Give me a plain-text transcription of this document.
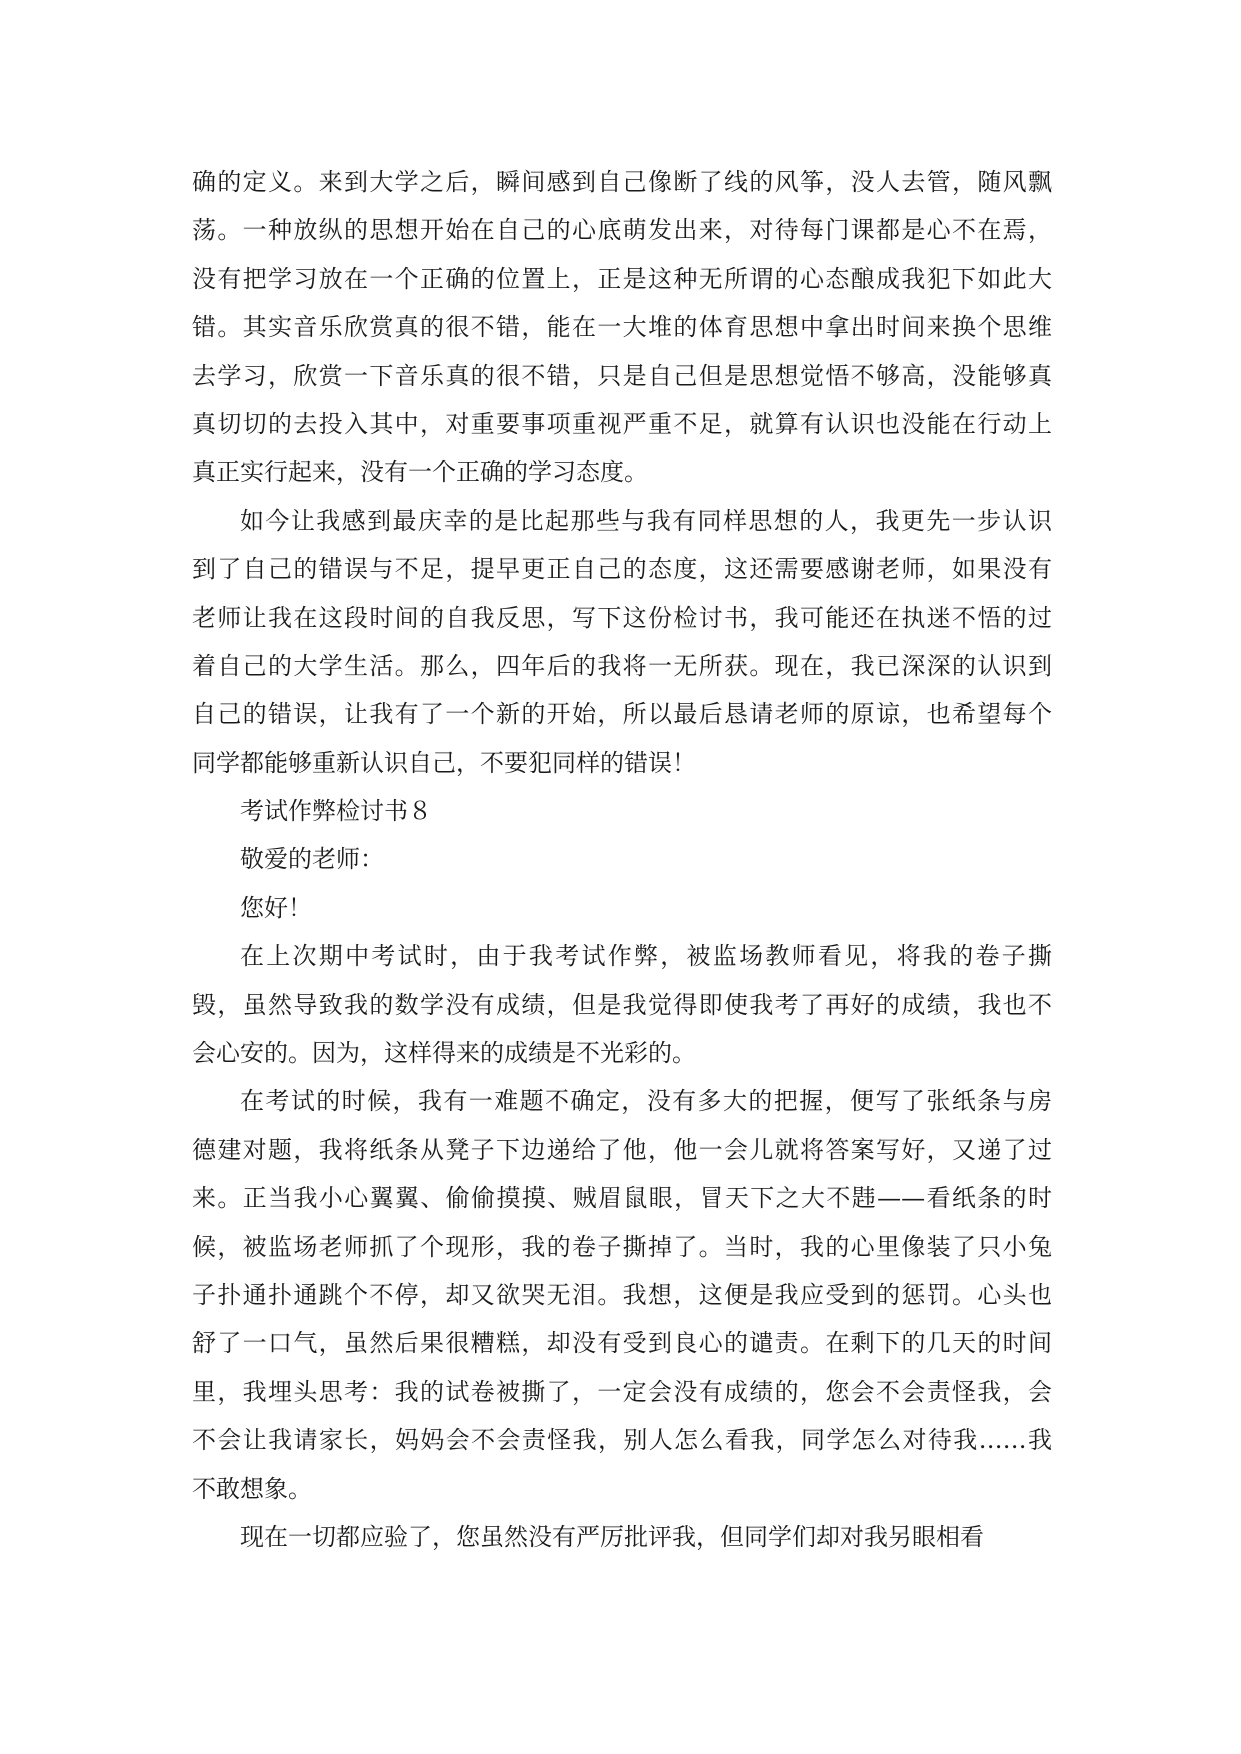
确的定义。来到大学之后，瞬间感到自己像断了线的风筝，没人去管，随风飘
荡。一种放纵的思想开始在自己的心底萌发出来，对待每门课都是心不在焉，
没有把学习放在一个正确的位置上，正是这种无所谓的心态酿成我犯下如此大
错。其实音乐欣赏真的很不错，能在一大堆的体育思想中拿出时间来换个思维
去学习，欣赏一下音乐真的很不错，只是自己但是思想觉悟不够高，没能够真
真切切的去投入其中，对重要事项重视严重不足，就算有认识也没能在行动上
真正实行起来，没有一个正确的学习态度。
如今让我感到最庆幸的是比起那些与我有同样思想的人，我更先一步认识
到了自己的错误与不足，提早更正自己的态度，这还需要感谢老师，如果没有
老师让我在这段时间的自我反思，写下这份检讨书，我可能还在执迷不悟的过
着自己的大学生活。那么，四年后的我将一无所获。现在，我已深深的认识到
自己的错误，让我有了一个新的开始，所以最后恳请老师的原谅，也希望每个
同学都能够重新认识自己，不要犯同样的错误！
考试作弊检讨书８
敬爱的老师：
您好！
在上次期中考试时，由于我考试作弊，被监场教师看见，将我的卷子撕
毁，虽然导致我的数学没有成绩，但是我觉得即使我考了再好的成绩，我也不
会心安的。因为，这样得来的成绩是不光彩的。
在考试的时候，我有一难题不确定，没有多大的把握，便写了张纸条与房
德建对题，我将纸条从凳子下边递给了他，他一会儿就将答案写好，又递了过
来。正当我小心翼翼、偷偷摸摸、贼眉鼠眼，冒天下之大不韪——看纸条的时
候，被监场老师抓了个现形，我的卷子撕掉了。当时，我的心里像装了只小兔
子扑通扑通跳个不停，却又欲哭无泪。我想，这便是我应受到的惩罚。心头也
舒了一口气，虽然后果很糟糕，却没有受到良心的谴责。在剩下的几天的时间
里，我埋头思考：我的试卷被撕了，一定会没有成绩的，您会不会责怪我，会
不会让我请家长，妈妈会不会责怪我，别人怎么看我，同学怎么对待我……我
不敢想象。
现在一切都应验了，您虽然没有严厉批评我，但同学们却对我另眼相看
